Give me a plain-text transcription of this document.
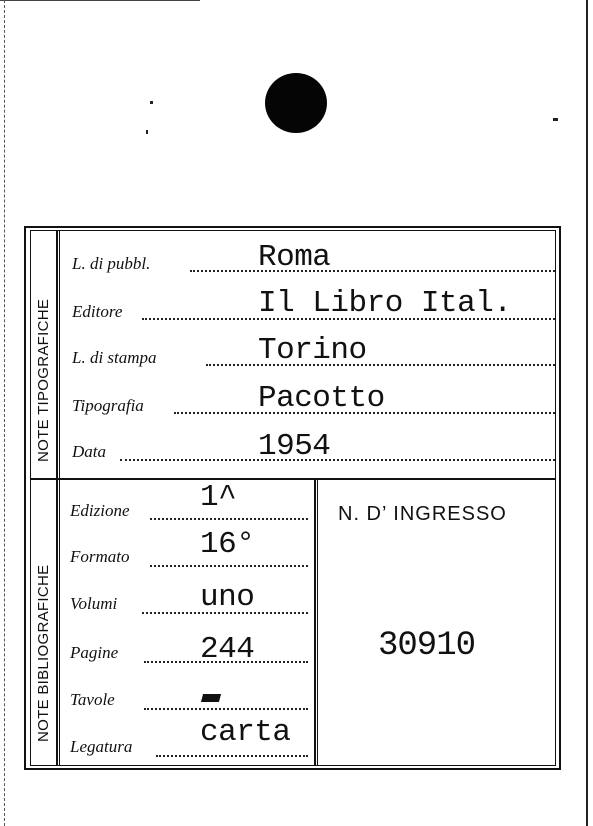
NOTE TIPOGRAFICHE
NOTE BIBLIOGRAFICHE
L. di pubbl.	Roma
Editore	Il Libro Ital.
L. di stampa	Torino
Tipografia	Pacotto
Data	1954
Edizione 1^
Formato 16°
Volumi	uno
Pagine	244
Tavole
Legatura carta
N. D’ INGRESSO
30910
